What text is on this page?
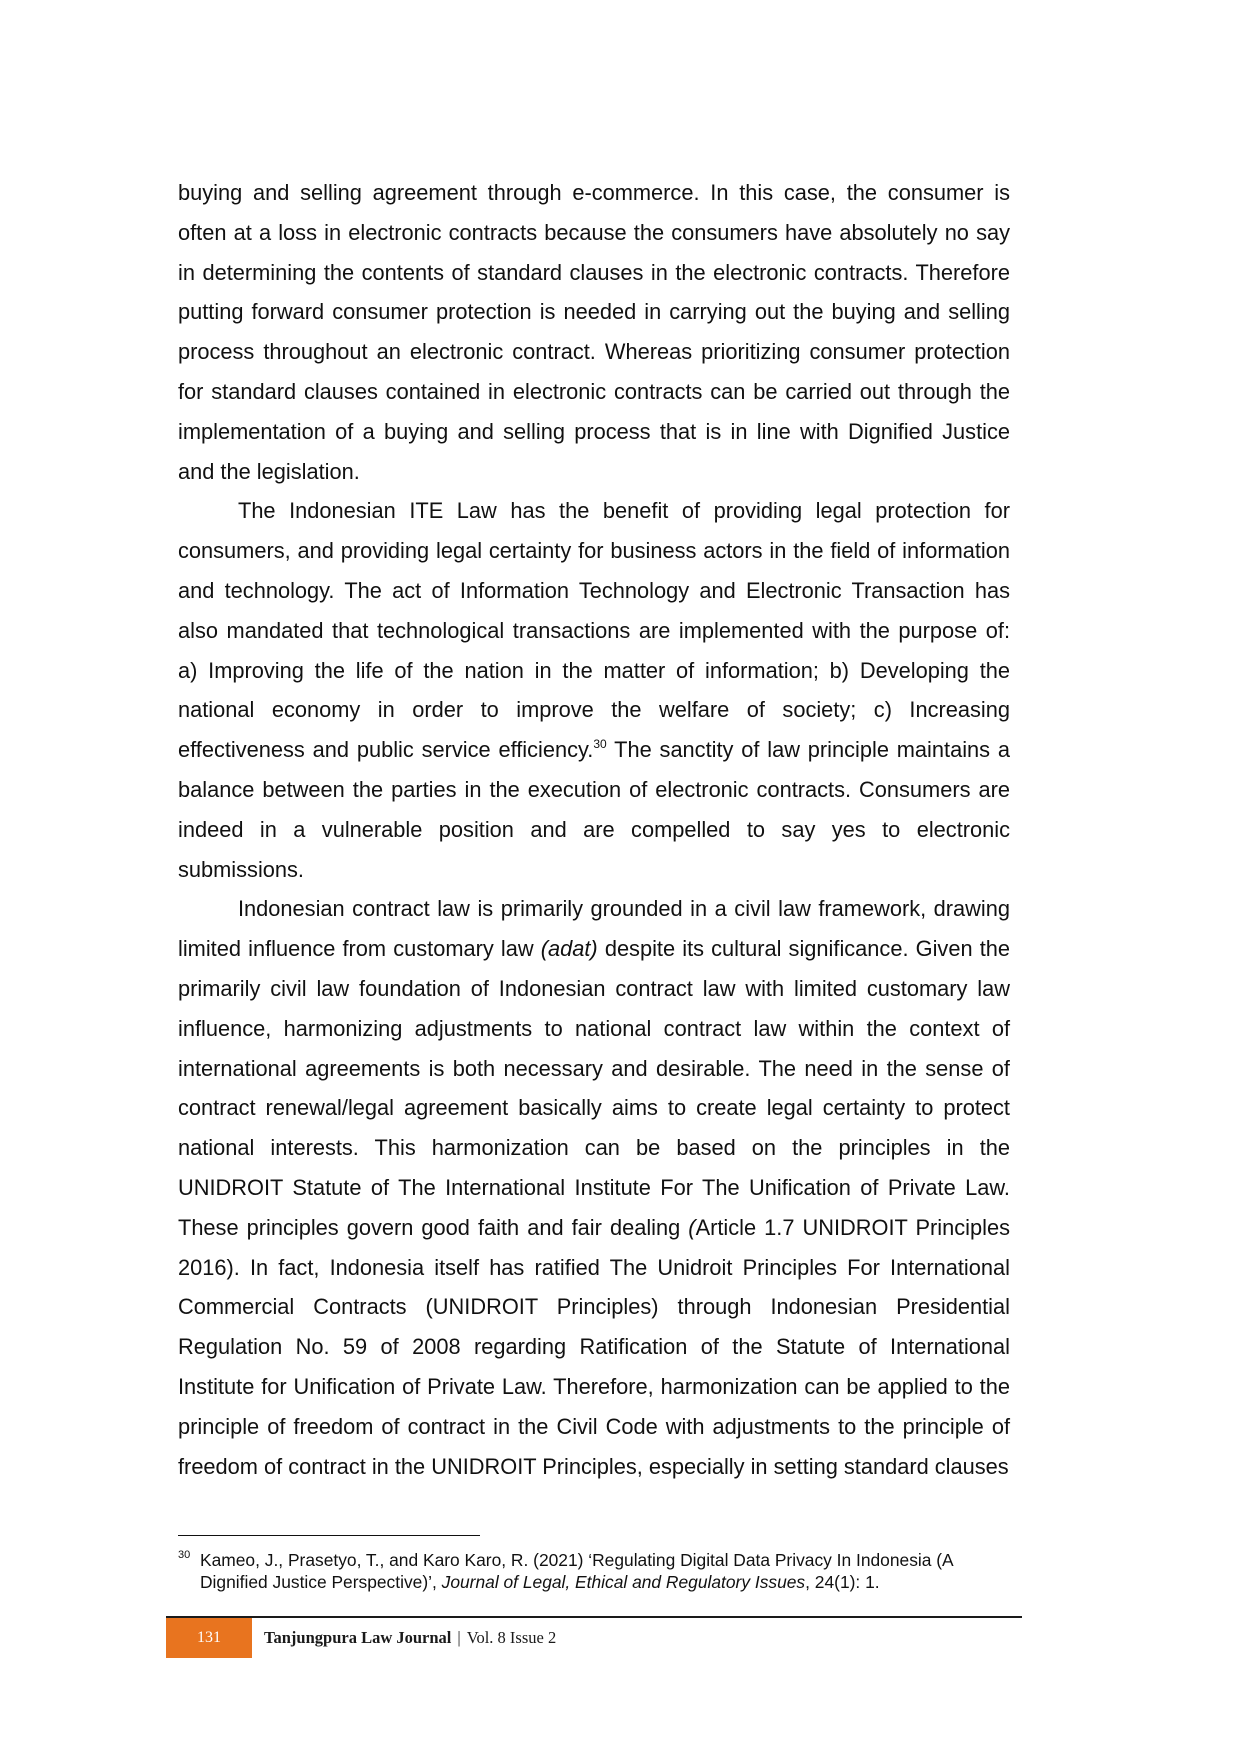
buying and selling agreement through e-commerce. In this case, the consumer is often at a loss in electronic contracts because the consumers have absolutely no say in determining the contents of standard clauses in the electronic contracts. Therefore putting forward consumer protection is needed in carrying out the buying and selling process throughout an electronic contract. Whereas prioritizing consumer protection for standard clauses contained in electronic contracts can be carried out through the implementation of a buying and selling process that is in line with Dignified Justice and the legislation.

The Indonesian ITE Law has the benefit of providing legal protection for consumers, and providing legal certainty for business actors in the field of information and technology. The act of Information Technology and Electronic Transaction has also mandated that technological transactions are implemented with the purpose of: a) Improving the life of the nation in the matter of information; b) Developing the national economy in order to improve the welfare of society; c) Increasing effectiveness and public service efficiency.$^{30}$ The sanctity of law principle maintains a balance between the parties in the execution of electronic contracts. Consumers are indeed in a vulnerable position and are compelled to say yes to electronic submissions.

Indonesian contract law is primarily grounded in a civil law framework, drawing limited influence from customary law (adat) despite its cultural significance. Given the primarily civil law foundation of Indonesian contract law with limited customary law influence, harmonizing adjustments to national contract law within the context of international agreements is both necessary and desirable. The need in the sense of contract renewal/legal agreement basically aims to create legal certainty to protect national interests. This harmonization can be based on the principles in the UNIDROIT Statute of The International Institute For The Unification of Private Law. These principles govern good faith and fair dealing (Article 1.7 UNIDROIT Principles 2016). In fact, Indonesia itself has ratified The Unidroit Principles For International Commercial Contracts (UNIDROIT Principles) through Indonesian Presidential Regulation No. 59 of 2008 regarding Ratification of the Statute of International Institute for Unification of Private Law. Therefore, harmonization can be applied to the principle of freedom of contract in the Civil Code with adjustments to the principle of freedom of contract in the UNIDROIT Principles, especially in setting standard clauses

30 Kameo, J., Prasetyo, T., and Karo Karo, R. (2021) ‘Regulating Digital Data Privacy In Indonesia (A Dignified Justice Perspective)’, Journal of Legal, Ethical and Regulatory Issues, 24(1): 1.
131	Tanjungpura Law Journal | Vol. 8 Issue 2
